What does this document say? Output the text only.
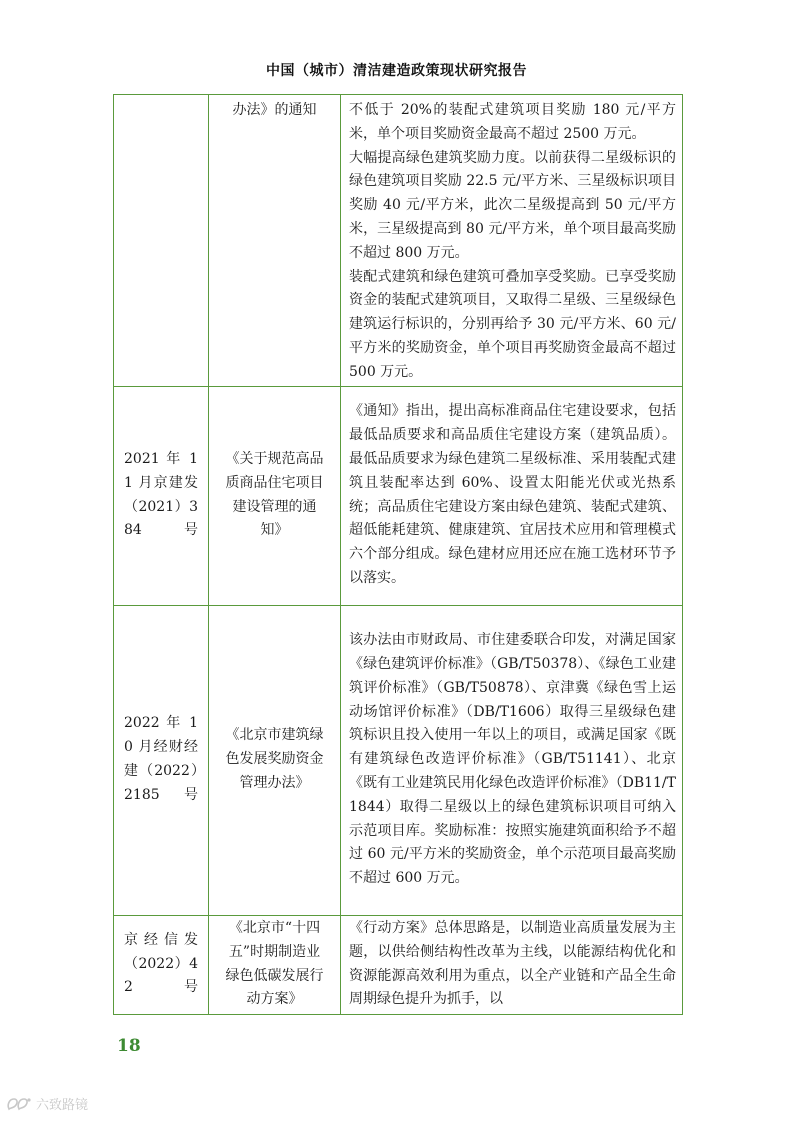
中国（城市）清洁建造政策现状研究报告
	办法》的通知	不低于 20%的装配式建筑项目奖励 180 元/平方米，单个项目奖励资金最高不超过 2500 万元。
大幅提高绿色建筑奖励力度。以前获得二星级标识的绿色建筑项目奖励 22.5 元/平方米、三星级标识项目奖励 40 元/平方米，此次二星级提高到 50 元/平方米，三星级提高到 80 元/平方米，单个项目最高奖励不超过 800 万元。
装配式建筑和绿色建筑可叠加享受奖励。已享受奖励资金的装配式建筑项目，又取得二星级、三星级绿色建筑运行标识的，分别再给予 30 元/平方米、60 元/平方米的奖励资金，单个项目再奖励资金最高不超过 500 万元。

2021 年 11 月京建发（2021）384 号	《关于规范高品质商品住宅项目建设管理的通知》	《通知》指出，提出高标准商品住宅建设要求，包括最低品质要求和高品质住宅建设方案（建筑品质）。最低品质要求为绿色建筑二星级标准、采用装配式建筑且装配率达到 60%、设置太阳能光伏或光热系统；高品质住宅建设方案由绿色建筑、装配式建筑、超低能耗建筑、健康建筑、宜居技术应用和管理模式六个部分组成。绿色建材应用还应在施工选材环节予以落实。

2022 年 10 月经财经建（2022）2185 号	《北京市建筑绿色发展奖励资金管理办法》	该办法由市财政局、市住建委联合印发，对满足国家《绿色建筑评价标准》（GB/T50378）、《绿色工业建筑评价标准》（GB/T50878）、京津冀《绿色雪上运动场馆评价标准》（DB/T1606）取得三星级绿色建筑标识且投入使用一年以上的项目，或满足国家《既有建筑绿色改造评价标准》（GB/T51141）、北京《既有工业建筑民用化绿色改造评价标准》（DB11/T1844）取得二星级以上的绿色建筑标识项目可纳入示范项目库。奖励标准：按照实施建筑面积给予不超过 60 元/平方米的奖励资金，单个示范项目最高奖励不超过 600 万元。

京经信发（2022）42 号	《北京市“十四五”时期制造业绿色低碳发展行动方案》	《行动方案》总体思路是，以制造业高质量发展为主题，以供给侧结构性改革为主线，以能源结构优化和资源能源高效利用为重点，以全产业链和产品全生命周期绿色提升为抓手，以
18
六致路镜
